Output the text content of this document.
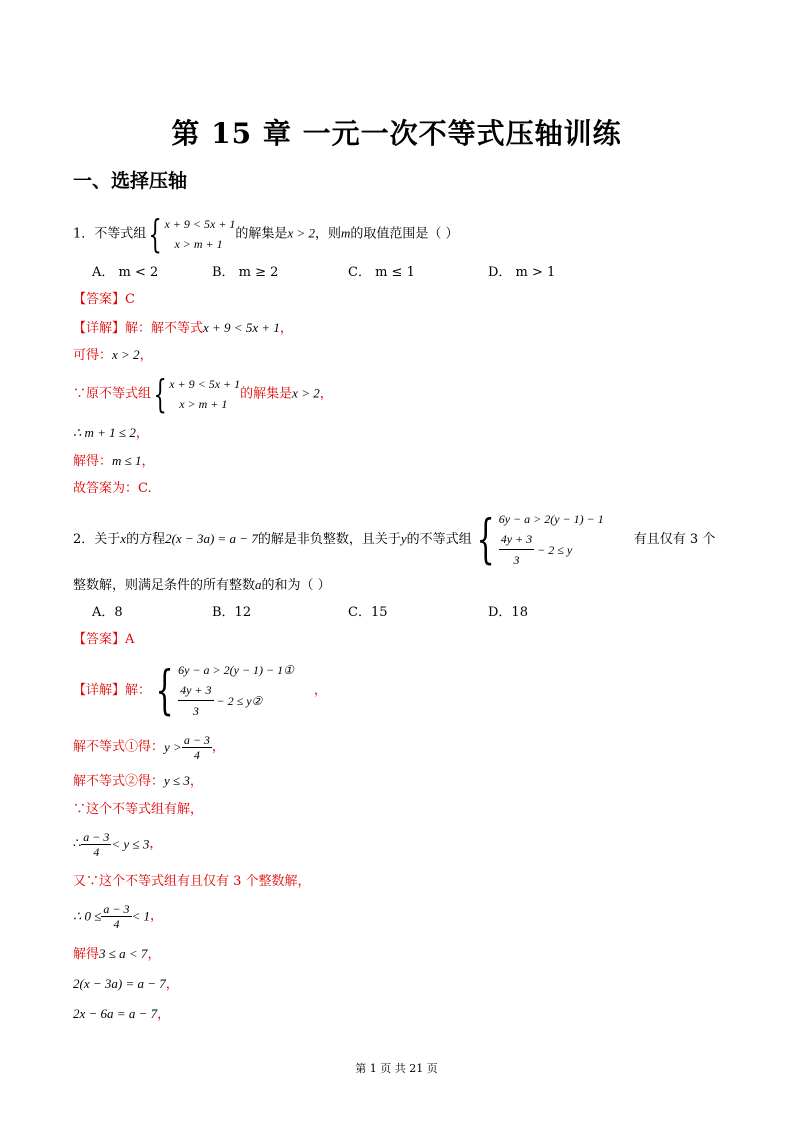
第 15 章 一元一次不等式压轴训练
一、选择压轴
1．不等式组 { x + 9 < 5x + 1
x > m + 1
的解集是x > 2，则m的取值范围是（ ）
A． m < 2	B． m ≥ 2	C． m ≤ 1	D． m > 1
【答案】C
【详解】解：解不等式x + 9 < 5x + 1，
可得：x > 2，
∵原不等式组 { x + 9 < 5x + 1
x > m + 1
的解集是x > 2，
∴ m + 1 ≤ 2，
解得：m ≤ 1，
故答案为：C.
2．关于x的方程2(x − 3a) = a − 7的解是非负整数，且关于y的不等式组 { 6y − a > 2(y − 1) − 1
$\frac{4y + 3}{3}$
− 2 ≤ y
有且仅有 3 个
整数解，则满足条件的所有整数a的和为（ ）
A．8	B．12	C．15	D．18
【答案】A
【详解】解： { 6y − a > 2(y − 1) − 1①
$\frac{4y + 3}{3}$
− 2 ≤ y②
，
解不等式①得：$y > \frac{a - 3}{4}$ ，
解不等式②得：y ≤ 3，
∵这个不等式组有解，
∴ $\frac{a - 3}{4} < y \le 3$，
又∵这个不等式组有且仅有 3 个整数解，
∴ $0 \le \frac{a - 3}{4} < 1$，
解得3 ≤ a < 7，
2(x − 3a) = a − 7，
2x − 6a = a − 7，
第 1 页 共 21 页
